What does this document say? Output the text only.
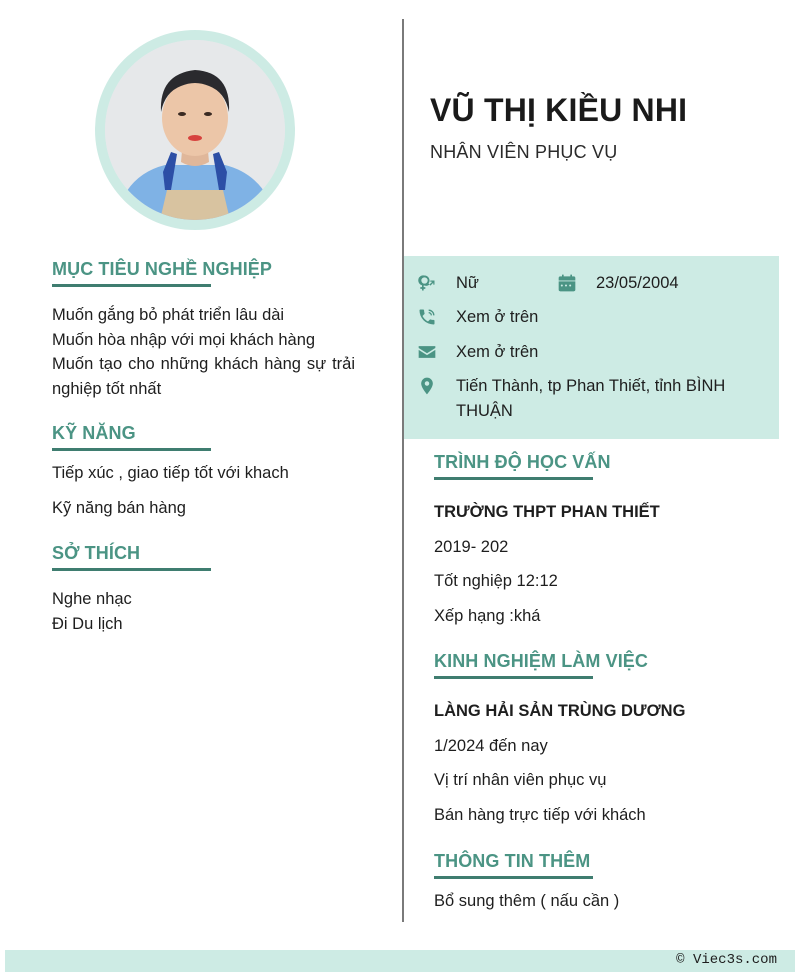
MỤC TIÊU NGHỀ NGHIỆP
Muốn gắng bỏ phát triển lâu dài
Muốn hòa nhập với mọi khách hàng
Muốn tạo cho những khách hàng sự trải nghiệp tốt nhất
KỸ NĂNG
Tiếp xúc , giao tiếp tốt với khach
Kỹ năng bán hàng
SỞ THÍCH
Nghe nhạc
Đi Du lịch
VŨ THỊ KIỀU NHI
NHÂN VIÊN PHỤC VỤ
Nữ	23/05/2004
Xem ở trên
Xem ở trên
Tiến Thành, tp Phan Thiết, tỉnh BÌNH THUẬN
TRÌNH ĐỘ HỌC VẤN
TRƯỜNG THPT PHAN THIẾT
2019- 202
Tốt nghiệp 12:12
Xếp hạng :khá
KINH NGHIỆM LÀM VIỆC
LÀNG HẢI SẢN TRÙNG DƯƠNG
1/2024 đến nay
Vị trí nhân viên phục vụ
Bán hàng trực tiếp với khách
THÔNG TIN THÊM
Bổ sung thêm ( nấu cần )
© Viec3s.com
